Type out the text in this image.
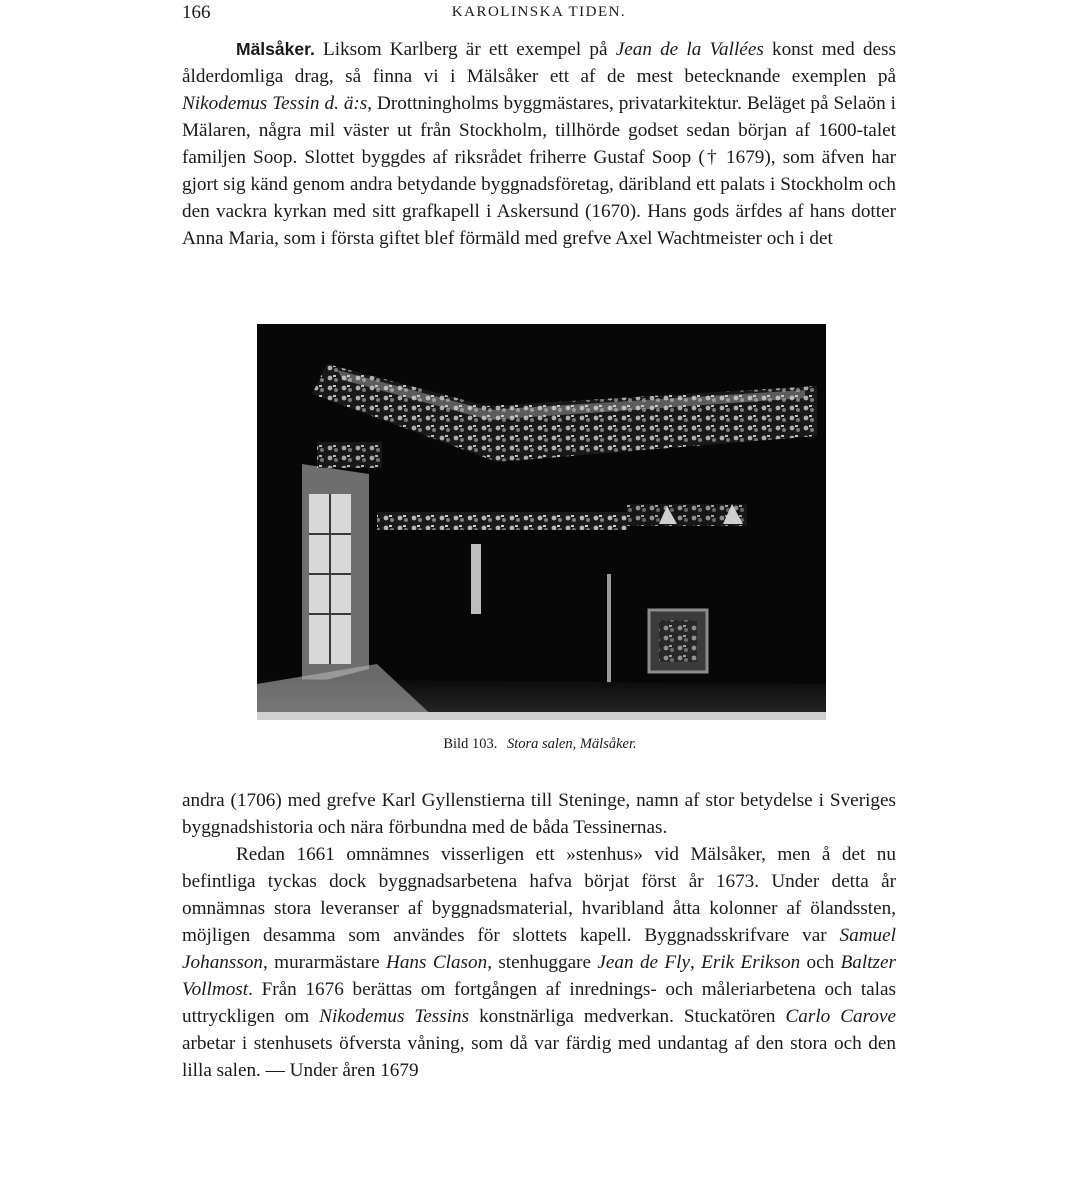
166	KAROLINSKA TIDEN.

Mälsåker. Liksom Karlberg är ett exempel på Jean de la Vallées konst med dess ålderdomliga drag, så finna vi i Mälsåker ett af de mest betecknande exemplen på Nikodemus Tessin d. ä:s, Drottningholms byggmästares, privatarkitektur. Beläget på Selaön i Mälaren, några mil väster ut från Stockholm, tillhörde godset sedan början af 1600-talet familjen Soop. Slottet byggdes af riksrådet friherre Gustaf Soop († 1679), som äfven har gjort sig känd genom andra betydande byggnadsföretag, däribland ett palats i Stockholm och den vackra kyrkan med sitt grafkapell i Askersund (1670). Hans gods ärfdes af hans dotter Anna Maria, som i första giftet blef förmäld med grefve Axel Wachtmeister och i det

Bild 103. Stora salen, Mälsåker.

andra (1706) med grefve Karl Gyllenstierna till Steninge, namn af stor betydelse i Sveriges byggnadshistoria och nära förbundna med de båda Tessinernas.

Redan 1661 omnämnes visserligen ett »stenhus» vid Mälsåker, men å det nu befintliga tyckas dock byggnadsarbetena hafva börjat först år 1673. Under detta år omnämnas stora leveranser af byggnadsmaterial, hvaribland åtta kolonner af ölandssten, möjligen desamma som användes för slottets kapell. Byggnadsskrifvare var Samuel Johansson, murarmästare Hans Clason, stenhuggare Jean de Fly, Erik Erikson och Baltzer Vollmost. Från 1676 berättas om fortgången af inrednings- och måleriarbetena och talas uttryckligen om Nikodemus Tessins konstnärliga medverkan. Stuckatören Carlo Carove arbetar i stenhusets öfversta våning, som då var färdig med undantag af den stora och den lilla salen. — Under åren 1679
